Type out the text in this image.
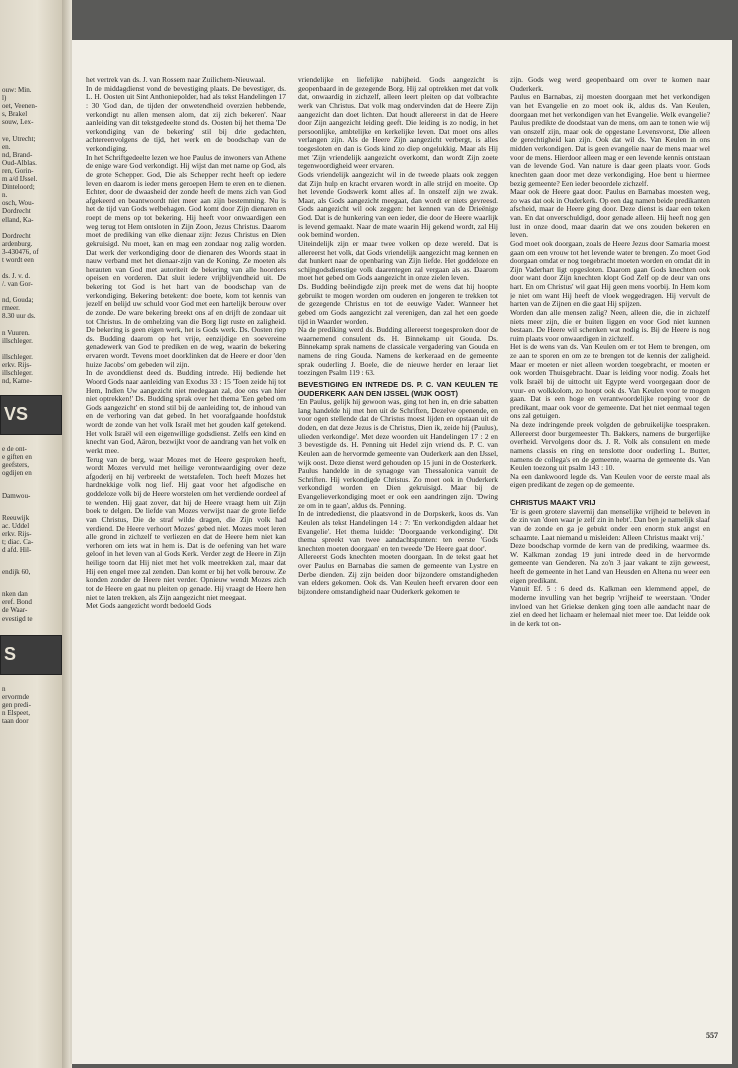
ouw: Min.
l)
oet, Veenen-
s, Brakel
souw, Lex-
ve, Utrecht;
en.
nd, Brand-
Oud-Alblas.
ren, Gorin-
m a/d IJssel.
Dinteloord;
n.
osch, Wou-
Dordrecht
elland, Ka-
Dordrecht
ardenburg.
3-430476, of
t wordt een
ds. J. v. d.
/. van Gor-
nd, Gouda;
rmeer.
8.30 uur ds.
n Vuuren.
illschleger.
illschleger.
erkv. Rijs-
illschleger.
nd, Kame-
VS
e de ont-
e giften en
geefsters,
ogdijen en
Damwou-
Reeuwijk
ac. Uddel
erkv. Rijs-
t; diac. Ca-
d afd. Hil-
endijk 60,
nken dan
eref. Bond
de Waar-
evestigd te
S
n
ervormde
gen predi-
n Elspeet,
taan door

het vertrek van ds. J. van Rossem naar Zuilichem-Nieuwaal.

In de middagdienst vond de bevestiging plaats. De bevestiger, ds. L. H. Oosten uit Sint Anthoniepolder, had als tekst Handelingen 17 : 30 'God dan, de tijden der onwetendheid overzien hebbende, verkondigt nu allen mensen alom, dat zij zich bekeren'. Naar aanleiding van dit tekstgedeelte stond ds. Oosten bij het thema 'De verkondiging van de bekering' stil bij drie gedachten, achtereenvolgens de tijd, het werk en de boodschap van de verkondiging.

In het Schriftgedeelte lezen we hoe Paulus de inwoners van Athene de enige ware God verkondigt. Hij wijst dan met name op God, als de grote Schepper. God, Die als Schepper recht heeft op iedere leven en daarom is ieder mens geroepen Hem te eren en te dienen. Echter, door de dwaasheid der zonde heeft de mens zich van God afgekeerd en beantwoordt niet meer aan zijn bestemming. Nu is het de tijd van Gods welbehagen. God komt door Zijn dienaren en roept de mens op tot bekering. Hij heeft voor onwaardigen een weg terug tot Hem ontsloten in Zijn Zoon, Jezus Christus. Daarom moet de prediking van elke dienaar zijn: Jezus Christus en Dien gekruisigd. Nu moet, kan en mag een zondaar nog zalig worden. Dat werk der verkondiging door de dienaren des Woords staat in nauw verband met het dienaar-zijn van de Koning. Ze moeten als herauten van God met autoriteit de bekering van alle hoorders opeisen en vorderen. Dat sluit iedere vrijblijvendheid uit. De bekering tot God is het hart van de boodschap van de verkondiging. Bekering betekent: doe boete, kom tot kennis van jezelf en belijd uw schuld voor God met een hartelijk berouw over de zonde. De ware bekering breekt ons af en drijft de zondaar uit tot Christus. In de omhelzing van die Borg ligt ruste en zaligheid. De bekering is geen eigen werk, het is Gods werk. Ds. Oosten riep ds. Budding daarom op het vrije, eenzijdige en soevereine genadewerk van God te prediken en de weg, waarin de bekering ervaren wordt. Tevens moet doorklinken dat de Heere er door 'den huize Jacobs' om gebeden wil zijn.

In de avonddienst deed ds. Budding intrede. Hij bediende het Woord Gods naar aanleiding van Exodus 33 : 15 'Toen zeide hij tot Hem, Indien Uw aangezicht niet medegaan zal, doe ons van hier niet optrekken!' Ds. Budding sprak over het thema 'Een gebed om Gods aangezicht' en stond stil bij de aanleiding tot, de inhoud van en de verhoring van dat gebed. In het voorafgaande hoofdstuk wordt de zonde van het volk Israël met het gouden kalf getekend. Het volk Israël wil een eigenwillige godsdienst. Zelfs een kind en knecht van God, Aäron, bezwijkt voor de aandrang van het volk en werkt mee.

Terug van de berg, waar Mozes met de Heere gesproken heeft, wordt Mozes vervuld met heilige verontwaardiging over deze afgoderij en hij verbreekt de wetstafelen. Toch heeft Mozes het hardnekkige volk nog lief. Hij gaat voor het afgodische en goddeloze volk bij de Heere worstelen om het verdiende oordeel af te wenden. Hij gaat zover, dat hij de Heere vraagt hem uit Zijn boek te delgen. De liefde van Mozes verwijst naar de grote liefde van Christus, Die de straf wilde dragen, die Zijn volk had verdiend. De Heere verhoort Mozes' gebed niet. Mozes moet leren alle grond in zichzelf te verliezen en dat de Heere hem niet kan verhoren om iets wat in hem is. Dat is de oefening van het ware geloof in het leven van al Gods Kerk. Verder zegt de Heere in Zijn heilige toorn dat Hij niet met het volk meetrekken zal, maar dat Hij een engel mee zal zenden. Dan komt er bij het volk berouw. Ze konden zonder de Heere niet verder. Opnieuw wendt Mozes zich tot de Heere en gaat nu pleiten op genade. Hij vraagt de Heere hen niet te laten trekken, als Zijn aangezicht niet meegaat.

Met Gods aangezicht wordt bedoeld Gods

vriendelijke en liefelijke nabijheid. Gods aangezicht is geopenbaard in de gezegende Borg. Hij zal optrekken met dat volk dat, onwaardig in zichzelf, alleen leert pleiten op dat volbrachte werk van Christus. Dat volk mag ondervinden dat de Heere Zijn aangezicht dan doet lichten. Dat houdt allereerst in dat de Heere door Zijn aangezicht leiding geeft. Die leiding is zo nodig, in het persoonlijke, ambtelijke en kerkelijke leven. Dat moet ons alles verlangen zijn. Als de Heere Zijn aangezicht verbergt, is alles toegesloten en dan is Gods kind zo diep ongelukkig. Maar als Hij met 'Zijn vriendelijk aangezicht overkomt, dan wordt Zijn zoete tegenwoordigheid weer ervaren.

Gods vriendelijk aangezicht wil in de tweede plaats ook zeggen dat Zijn hulp en kracht ervaren wordt in alle strijd en moeite. Op het levende Godswerk komt alles af. In onszelf zijn we zwak. Maar, als Gods aangezicht meegaat, dan wordt er niets gevreesd. Gods aangezicht wil ook zeggen: het kennen van de Drieënige God. Dat is de hunkering van een ieder, die door de Heere waarlijk is levend gemaakt. Naar de mate waarin Hij gekend wordt, zal Hij ook beminđ worden.

Uiteindelijk zijn er maar twee volken op deze wereld. Dat is allereerst het volk, dat Gods vriendelijk aangezicht mag kennen en dat hunkert naar de openbaring van Zijn liefde. Het goddeloze en schijngodsdienstige volk daarentegen zal vergaan als as. Daarom moet het gebed om Gods aangezicht in onze zielen leven.

Ds. Budding beëindigde zijn preek met de wens dat hij hoopte gebruikt te mogen worden om ouderen en jongeren te trekken tot de gezegende Christus en tot de eeuwige Vader. Wanneer het gebed om Gods aangezicht zal verenigen, dan zal het een goede tijd in Waarder worden.

Na de prediking werd ds. Budding allereerst toegesproken door de waarnemend consulent ds. H. Binnekamp uit Gouda. Ds. Binnekamp sprak namens de classicale vergadering van Gouda en namens de ring Gouda. Namens de kerkeraad en de gemeente sprak ouderling J. Boele, die de nieuwe herder en leraar liet toezingen Psalm 119 : 63.

BEVESTIGING EN INTREDE DS. P. C. VAN KEULEN TE OUDERKERK AAN DEN IJSSEL (WIJK OOST)

'En Paulus, gelijk hij gewoon was, ging tot hen in, en drie sabatten lang handelde hij met hen uit de Schriften, Dezelve openende, en voor ogen stellende dat de Christus moest lijden en opstaan uit de doden, en dat deze Jezus is de Christus, Dien ik, zeide hij (Paulus), ulieden verkondige'. Met deze woorden uit Handelingen 17 : 2 en 3 bevestigde ds. H. Penning uit Hedel zijn vriend ds. P. C. van Keulen aan de hervormde gemeente van Ouderkerk aan den IJssel, wijk oost. Deze dienst werd gehouden op 15 juni in de Oosterkerk.

Paulus handelde in de synagoge van Thessalonica vanuit de Schriften. Hij verkondigde Christus. Zo moet ook in Ouderkerk verkondigd worden en Dien gekruisigd. Maar bij de Evangelieverkondiging moet er ook een aandringen zijn. 'Dwing ze om in te gaan', aldus ds. Penning.

In de intrededienst, die plaatsvond in de Dorpskerk, koos ds. Van Keulen als tekst Handelingen 14 : 7: 'En verkondigden aldaar het Evangelie'. Het thema luidde: 'Doorgaande verkondiging'. Dit thema spreekt van twee aandachtspunten: ten eerste 'Gods knechten moeten doorgaan' en ten tweede 'De Heere gaat door'.

Allereerst Gods knechten moeten doorgaan. In de tekst gaat het over Paulus en Barnabas die samen de gemeente van Lystre en Derbe dienden. Zij zijn beiden door bijzondere omstandigheden van elders gekomen. Ook ds. Van Keulen heeft ervaren door een bijzondere omstandigheid naar Ouderkerk gekomen te

zijn. Gods weg werd geopenbaard om over te komen naar Ouderkerk.

Paulus en Barnabas, zij moesten doorgaan met het verkondigen van het Evangelie en zo moet ook ik, aldus ds. Van Keulen, doorgaan met het verkondigen van het Evangelie. Welk evangelie? Paulus predikte de doodstaat van de mens, om aan te tonen wie wij van onszelf zijn, maar ook de opgestane Levensvorst, Die alleen de gerechtigheid kan zijn. Ook dat wil ds. Van Keulen in ons midden verkondigen. Dat is geen evangelie naar de mens maar wel voor de mens. Hierdoor alleen mag er een levende kennis ontstaan van de levende God. Van nature is daar geen plaats voor. Gods knechten gaan door met deze verkondiging. Hoe bent u hiermee bezig gemeente? Een ieder beoordele zichzelf.

Maar ook de Heere gaat door. Paulus en Barnabas moesten weg, zo was dat ook in Ouderkerk. Op een dag namen beide predikanten afscheid, maar de Heere ging door. Deze dienst is daar een teken van. En dat onverschuldigd, door genade alleen. Hij heeft nog gen lust in onze dood, maar daarin dat we ons zouden bekeren en leven.

God moet ook doorgaan, zoals de Heere Jezus door Samaria moest gaan om een vrouw tot het levende water te brengen. Zo moet God doorgaan omdat er nog toegebracht moeten worden en omdat dit in Zijn Vaderhart ligt opgesloten. Daarom gaan Gods knechten ook door want door Zijn knechten klopt God Zelf op de deur van ons hart. En om Christus' wil gaat Hij geen mens voorbij. In Hem kom je niet om want Hij heeft de vloek weggedragen. Hij vervult de harten van de Zijnen en die gaat Hij spijzen.

Worden dan alle mensen zalig? Neen, alleen die, die in zichzelf niets meer zijn, die er buiten liggen en voor God niet kunnen bestaan. De Heere wil schenken wat nodig is. Bij de Heere is nog ruim plaats voor onwaardigen in zichzelf.

Het is de wens van ds. Van Keulen om er tot Hem te brengen, om ze aan te sporen en om ze te brengen tot de kennis der zaligheid. Maar er moeten er niet alleen worden toegebracht, er moeten er ook worden Thuisgebracht. Daar is leiding voor nodig. Zoals het volk Israël bij de uittocht uit Egypte werd voorgegaan door de vuur- en wolkkolom, zo hoopt ook ds. Van Keulen voor te mogen gaan. Dat is een hoge en verantwoordelijke roeping voor de predikant, maar ook voor de gemeente. Dat het niet eenmaal tegen ons zal getuigen.

Na deze indringende preek volgden de gebruikelijke toespraken. Allereerst door burgemeester Th. Bakkers, namens de burgerlijke overheid. Vervolgens door ds. J. R. Volk als consulent en mede namens classis en ring en tenslotte door ouderling L. Butter, namens de collega's en de gemeente, waarna de gemeente ds. Van Keulen toezong uit psalm 143 : 10.

Na een dankwoord legde ds. Van Keulen voor de eerste maal als eigen predikant de zegen op de gemeente.

CHRISTUS MAAKT VRIJ

'Er is geen grotere slavernij dan menselijke vrijheid te beleven in de zin van 'doen waar je zelf zin in hebt'. Dan ben je namelijk slaaf van de zonde en ga je gebukt onder een enorm stuk angst en schaamte. Laat niemand u misleiden: Alleen Christus maakt vrij.'

Deze boodschap vormde de kern van de prediking, waarmee ds. W. Kalkman zondag 19 juni intrede deed in de hervormde gemeente van Genderen. Na zo'n 3 jaar vakant te zijn geweest, heeft de gemeente in het Land van Heusden en Altena nu weer een eigen predikant.

Vanuit Ef. 5 : 6 deed ds. Kalkman een klemmend appel, de moderne invulling van het begrip 'vrijheid' te weerstaan. 'Onder invloed van het Griekse denken ging toen alle aandacht naar de ziel en deed het lichaam er helemaal niet meer toe. Dat leidde ook in de kerk tot on-

557
